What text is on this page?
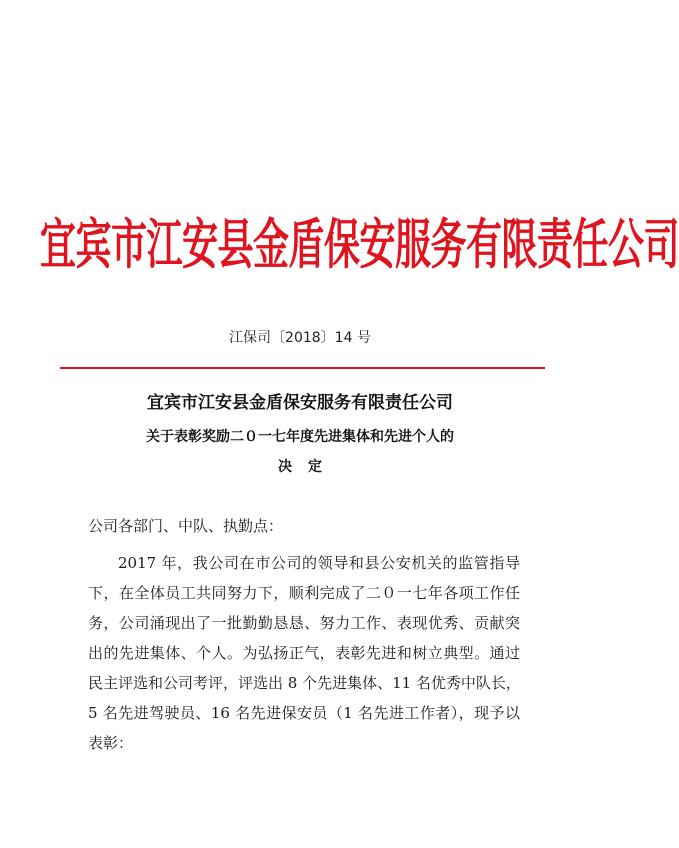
宜宾市江安县金盾保安服务有限责任公司
江保司〔2018〕14 号
宜宾市江安县金盾保安服务有限责任公司
关于表彰奖励二０一七年度先进集体和先进个人的
决定
公司各部门、中队、执勤点：
2017 年，我公司在市公司的领导和县公安机关的监管指导
下，在全体员工共同努力下，顺利完成了二０一七年各项工作任
务，公司涌现出了一批勤勤恳恳、努力工作、表现优秀、贡献突
出的先进集体、个人。为弘扬正气，表彰先进和树立典型。通过
民主评选和公司考评，评选出 8 个先进集体、11 名优秀中队长，
5 名先进驾驶员、16 名先进保安员（1 名先进工作者），现予以
表彰：
